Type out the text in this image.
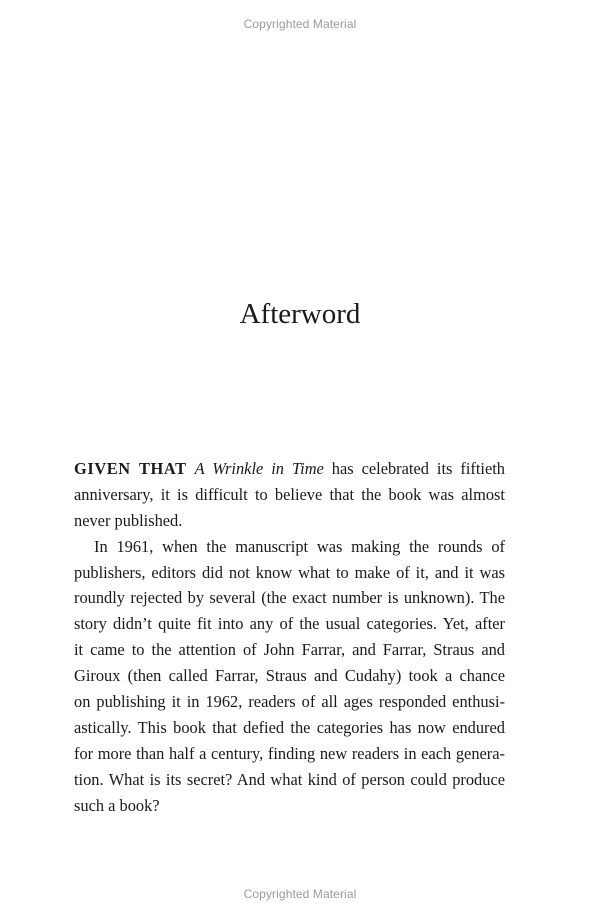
Copyrighted Material
Afterword
GIVEN THAT A Wrinkle in Time has celebrated its fiftieth
anniversary, it is difficult to believe that the book was almost
never published.
In 1961, when the manuscript was making the rounds of
publishers, editors did not know what to make of it, and it was
roundly rejected by several (the exact number is unknown). The
story didn’t quite fit into any of the usual categories. Yet, after
it came to the attention of John Farrar, and Farrar, Straus and
Giroux (then called Farrar, Straus and Cudahy) took a chance
on publishing it in 1962, readers of all ages responded enthusi-
astically. This book that defied the categories has now endured
for more than half a century, finding new readers in each genera-
tion. What is its secret? And what kind of person could produce
such a book?
Copyrighted Material
